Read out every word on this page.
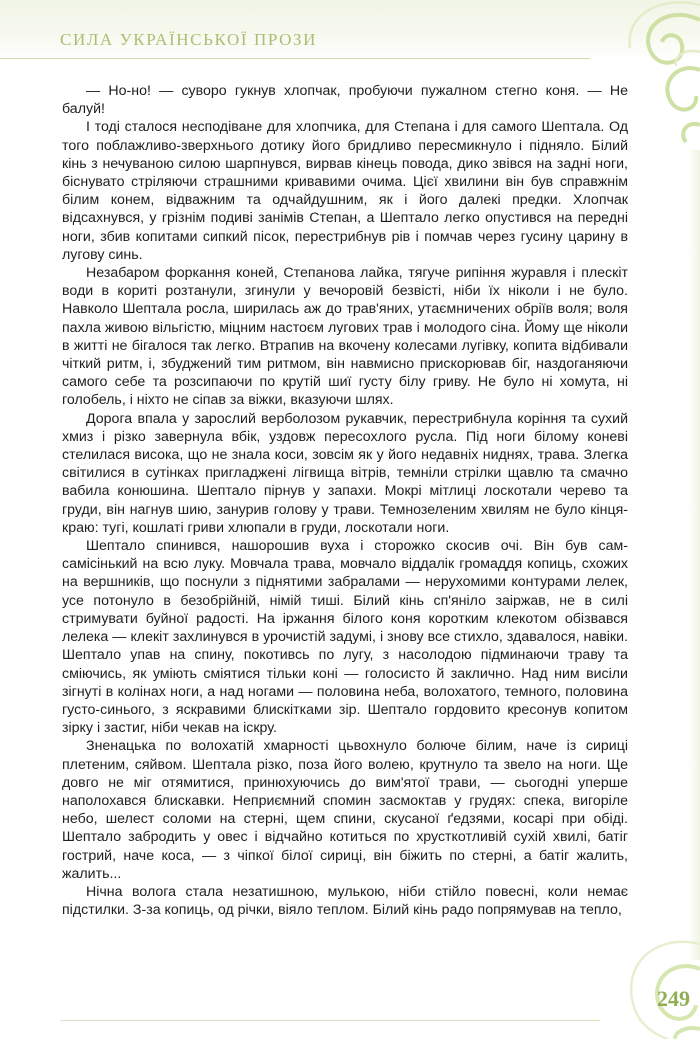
СИЛА УКРАЇНСЬКОЇ ПРОЗИ

— Но-но! — суворо гукнув хлопчак, пробуючи пужалном стегно коня. — Не балуй!

І тоді сталося несподіване для хлопчика, для Степана і для самого Шептала. Од того поблажливо-зверхнього дотику його бридливо пересмикнуло і підняло. Білий кінь з нечуваною силою шарпнувся, вирвав кінець повода, дико звівся на задні ноги, біснувато стріляючи страшними кривавими очима. Цієї хвилини він був справжнім білим конем, відважним та одчайдушним, як і його далекі предки. Хлопчак відсахнувся, у грізнім подиві занімів Степан, а Шептало легко опустився на передні ноги, збив копитами сипкий пісок, перестрибнув рів і помчав через гусину царину в лугову синь.

Незабаром форкання коней, Степанова лайка, тягуче рипіння журавля і плескіт води в кориті розтанули, згинули у вечоровій безвісті, ніби їх ніколи і не було. Навколо Шептала росла, ширилась аж до трав'яних, утаємничених обріїв воля; воля пахла живою вільгістю, міцним настоєм лугових трав і молодого сіна. Йому ще ніколи в житті не бігалося так легко. Втрапив на вкочену колесами лугівку, копита відбивали чіткий ритм, і, збуджений тим ритмом, він навмисно прискорював біг, наздоганяючи самого себе та розсипаючи по крутій шиї густу білу гриву. Не було ні хомута, ні голобель, і ніхто не сіпав за віжки, вказуючи шлях.

Дорога впала у зарослий верболозом рукавчик, перестрибнула коріння та сухий хмиз і різко завернула вбік, уздовж пересохлого русла. Під ноги білому коневі стелилася висока, що не знала коси, зовсім як у його недавніх ниднях, трава. Злегка світилися в сутінках пригладжені лігвища вітрів, темніли стрілки щавлю та смачно вабила конюшина. Шептало пірнув у запахи. Мокрі мітлиці лоскотали черево та груди, він нагнув шию, занурив голову у трави. Темнозеленим хвилям не було кінця-краю: тугі, кошлаті гриви хлюпали в груди, лоскотали ноги.

Шептало спинився, нашорошив вуха і сторожко скосив очі. Він був сам-самісінький на всю луку. Мовчала трава, мовчало віддалік громаддя копиць, схожих на вершників, що поснули з піднятими забралами — нерухомими контурами лелек, усе потонуло в безобрійній, німій тиші. Білий кінь сп'яніло заіржав, не в силі стримувати буйної радості. На іржання білого коня коротким клекотом обізвався лелека — клекіт захлинувся в урочистій задумі, і знову все стихло, здавалося, навіки. Шептало упав на спину, покотивсь по лугу, з насолодою підминаючи траву та сміючись, як уміють сміятися тільки коні — голосисто й заклично. Над ним висіли зігнуті в колінах ноги, а над ногами — половина неба, волохатого, темного, половина густо-синього, з яскравими блискітками зір. Шептало гордовито кресонув копитом зірку і застиг, ніби чекав на іскру.

Зненацька по волохатій хмарності цьвохнуло болюче білим, наче із сириці плетеним, сяйвом. Шептала різко, поза його волею, крутнуло та звело на ноги. Ще довго не міг отямитися, принюхуючись до вим'ятої трави, — сьогодні уперше наполохався блискавки. Неприємний спомин засмоктав у грудях: спека, вигоріле небо, шелест соломи на стерні, щем спини, скусаної ґедзями, косарі при обіді. Шептало забродить у овес і відчайно котиться по хрусткотливій сухій хвилі, батіг гострий, наче коса, — з чіпкої білої сириці, він біжить по стерні, а батіг жалить, жалить...

Нічна волога стала незатишною, мулькою, ніби стійло повесні, коли немає підстилки. З-за копиць, од річки, віяло теплом. Білий кінь радо попрямував на тепло,

249
